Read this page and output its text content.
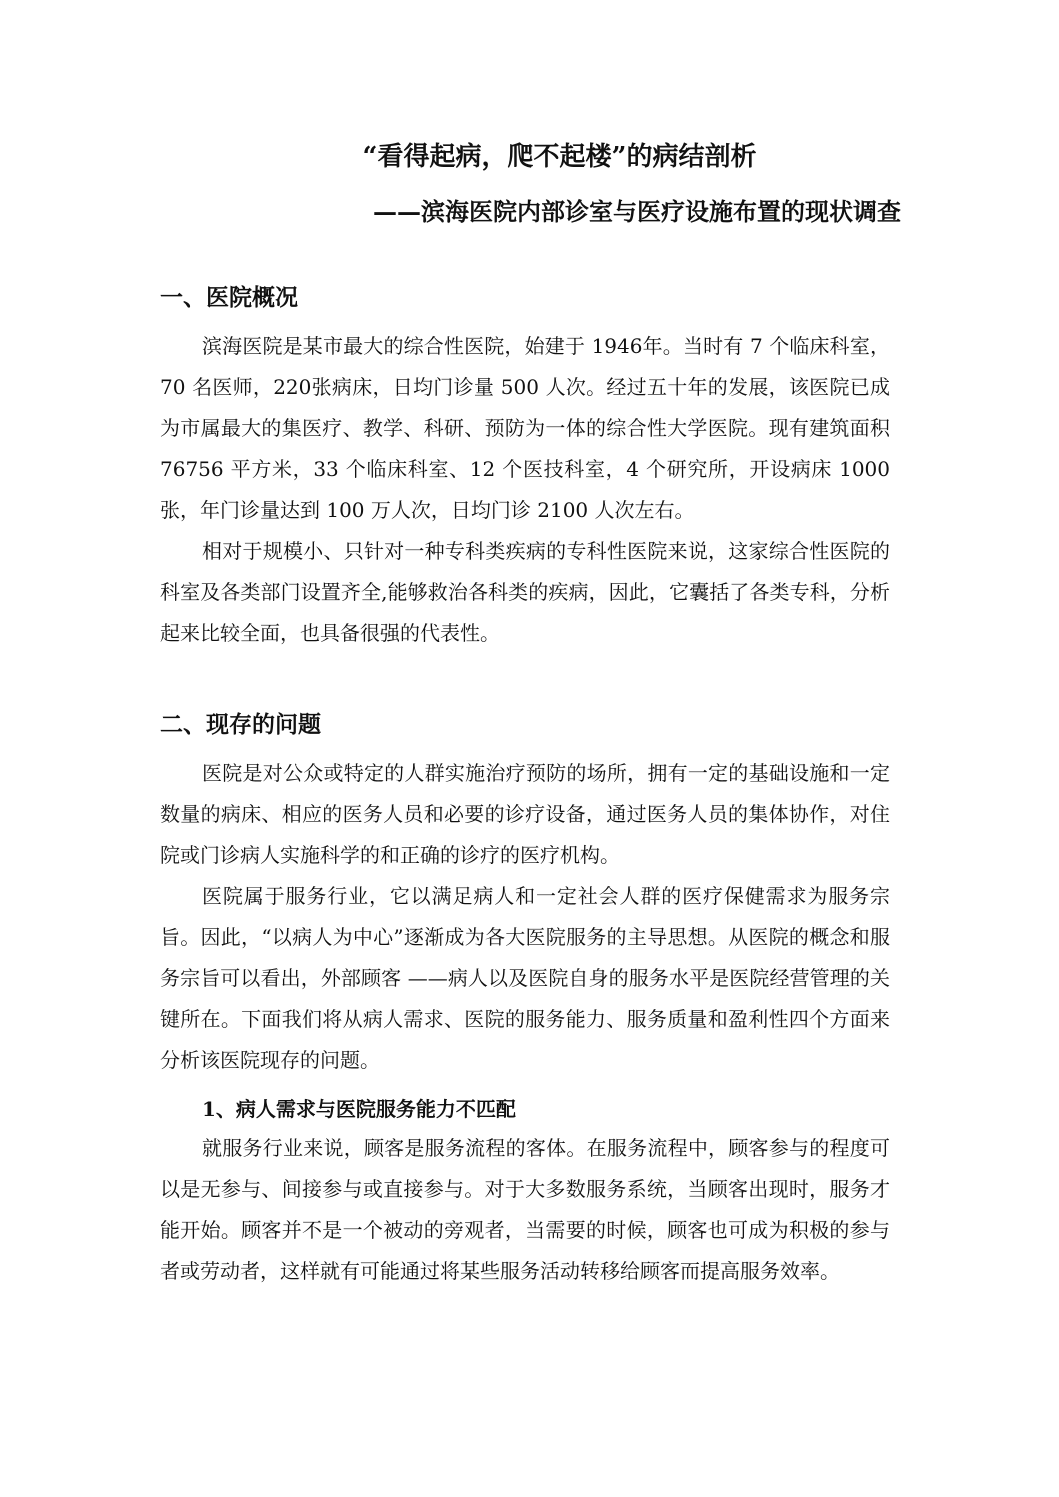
“看得起病，爬不起楼”的病结剖析
——滨海医院内部诊室与医疗设施布置的现状调查
一、医院概况

滨海医院是某市最大的综合性医院，始建于 1946年。当时有 7 个临床科室，70 名医师，220张病床，日均门诊量 500 人次。经过五十年的发展，该医院已成为市属最大的集医疗、教学、科研、预防为一体的综合性大学医院。现有建筑面积 76756 平方米，33 个临床科室、12 个医技科室，4 个研究所，开设病床 1000 张，年门诊量达到 100 万人次，日均门诊 2100 人次左右。

相对于规模小、只针对一种专科类疾病的专科性医院来说，这家综合性医院的科室及各类部门设置齐全,能够救治各科类的疾病，因此，它囊括了各类专科，分析起来比较全面，也具备很强的代表性。

二、现存的问题

医院是对公众或特定的人群实施治疗预防的场所，拥有一定的基础设施和一定数量的病床、相应的医务人员和必要的诊疗设备，通过医务人员的集体协作，对住院或门诊病人实施科学的和正确的诊疗的医疗机构。

医院属于服务行业，它以满足病人和一定社会人群的医疗保健需求为服务宗旨。因此，“以病人为中心”逐渐成为各大医院服务的主导思想。从医院的概念和服务宗旨可以看出，外部顾客 ——病人以及医院自身的服务水平是医院经营管理的关键所在。下面我们将从病人需求、医院的服务能力、服务质量和盈利性四个方面来分析该医院现存的问题。

1、病人需求与医院服务能力不匹配

就服务行业来说，顾客是服务流程的客体。在服务流程中，顾客参与的程度可以是无参与、间接参与或直接参与。对于大多数服务系统，当顾客出现时，服务才能开始。顾客并不是一个被动的旁观者，当需要的时候，顾客也可成为积极的参与者或劳动者，这样就有可能通过将某些服务活动转移给顾客而提高服务效率。
